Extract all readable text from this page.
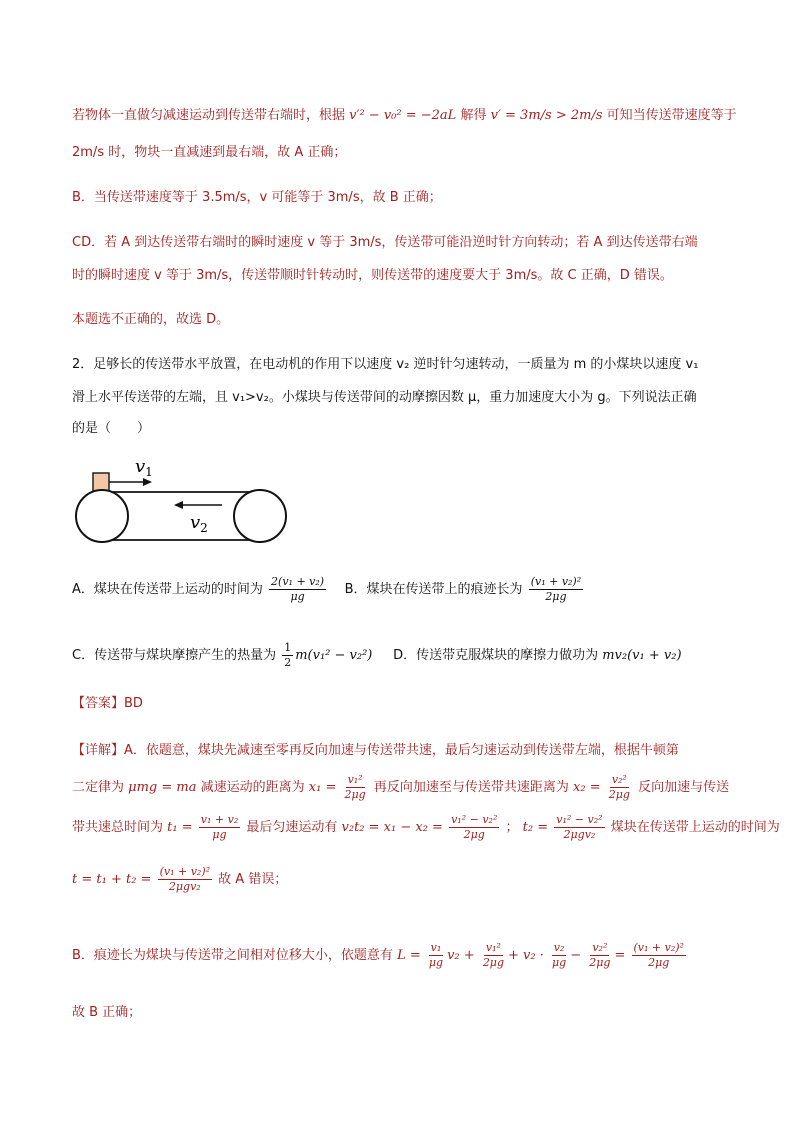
若物体一直做匀减速运动到传送带右端时，根据 v′² − v₀² = −2aL 解得 v′ = 3m/s > 2m/s 可知当传送带速度等于
2m/s 时，物块一直减速到最右端，故 A 正确；
B．当传送带速度等于 3.5m/s，v 可能等于 3m/s，故 B 正确；
CD．若 A 到达传送带右端时的瞬时速度 v 等于 3m/s，传送带可能沿逆时针方向转动；若 A 到达传送带右端
时的瞬时速度 v 等于 3m/s，传送带顺时针转动时，则传送带的速度要大于 3m/s。故 C 正确，D 错误。
本题选不正确的，故选 D。
2．足够长的传送带水平放置，在电动机的作用下以速度 v₂ 逆时针匀速转动，一质量为 m 的小煤块以速度 v₁
滑上水平传送带的左端，且 v₁>v₂。小煤块与传送带间的动摩擦因数 μ，重力加速度大小为 g。下列说法正确
的是（　　）
$v_1$
$v_2$
A．煤块在传送带上运动的时间为 $\frac{\text{2(v₁ + v₂)}}{\mu g}$ B．煤块在传送带上的痕迹长为 $\frac{\text{(v₁ + v₂)²}}{2\mu g}$
C．传送带与煤块摩擦产生的热量为 $\frac{1}{2} m(v_1^2 - v_2^2)$ D．传送带克服煤块的摩擦力做功为 mv₂(v₁ + v₂)
【答案】BD
【详解】A．依题意，煤块先减速至零再反向加速与传送带共速，最后匀速运动到传送带左端，根据牛顿第
二定律为 μmg = ma 减速运动的距离为 $x_1 = \frac{\text{v₁²}}{2\mu g}$ 再反向加速至与传送带共速距离为 $x_2 = \frac{\text{v₂²}}{2\mu g}$ 反向加速与传送
带共速总时间为 $t_1 = \frac{\text{v₁ + v₂}}{\mu g}$ 最后匀速运动有 $v_2t_2 = x_1 - x_2 = \frac{\text{v₁² − v₂²}}{2\mu g}$ ； $t_2 = \frac{\text{v₁² − v₂²}}{\text{2μgv₂}}$ 煤块在传送带上运动的时间为
$t = t_1 + t_2 = \frac{\text{(v₁ + v₂)²}}{\text{2μgv₂}}$ 故 A 错误；
B．痕迹长为煤块与传送带之间相对位移大小，依题意有 $L = \frac{\text{v₁}}{\mu g} v_2 + \frac{\text{v₁²}}{2\mu g} + v_2 \cdot \frac{\text{v₂}}{\mu g} - \frac{\text{v₂²}}{2\mu g} = \frac{\text{(v₁ + v₂)²}}{2\mu g}$
故 B 正确；
